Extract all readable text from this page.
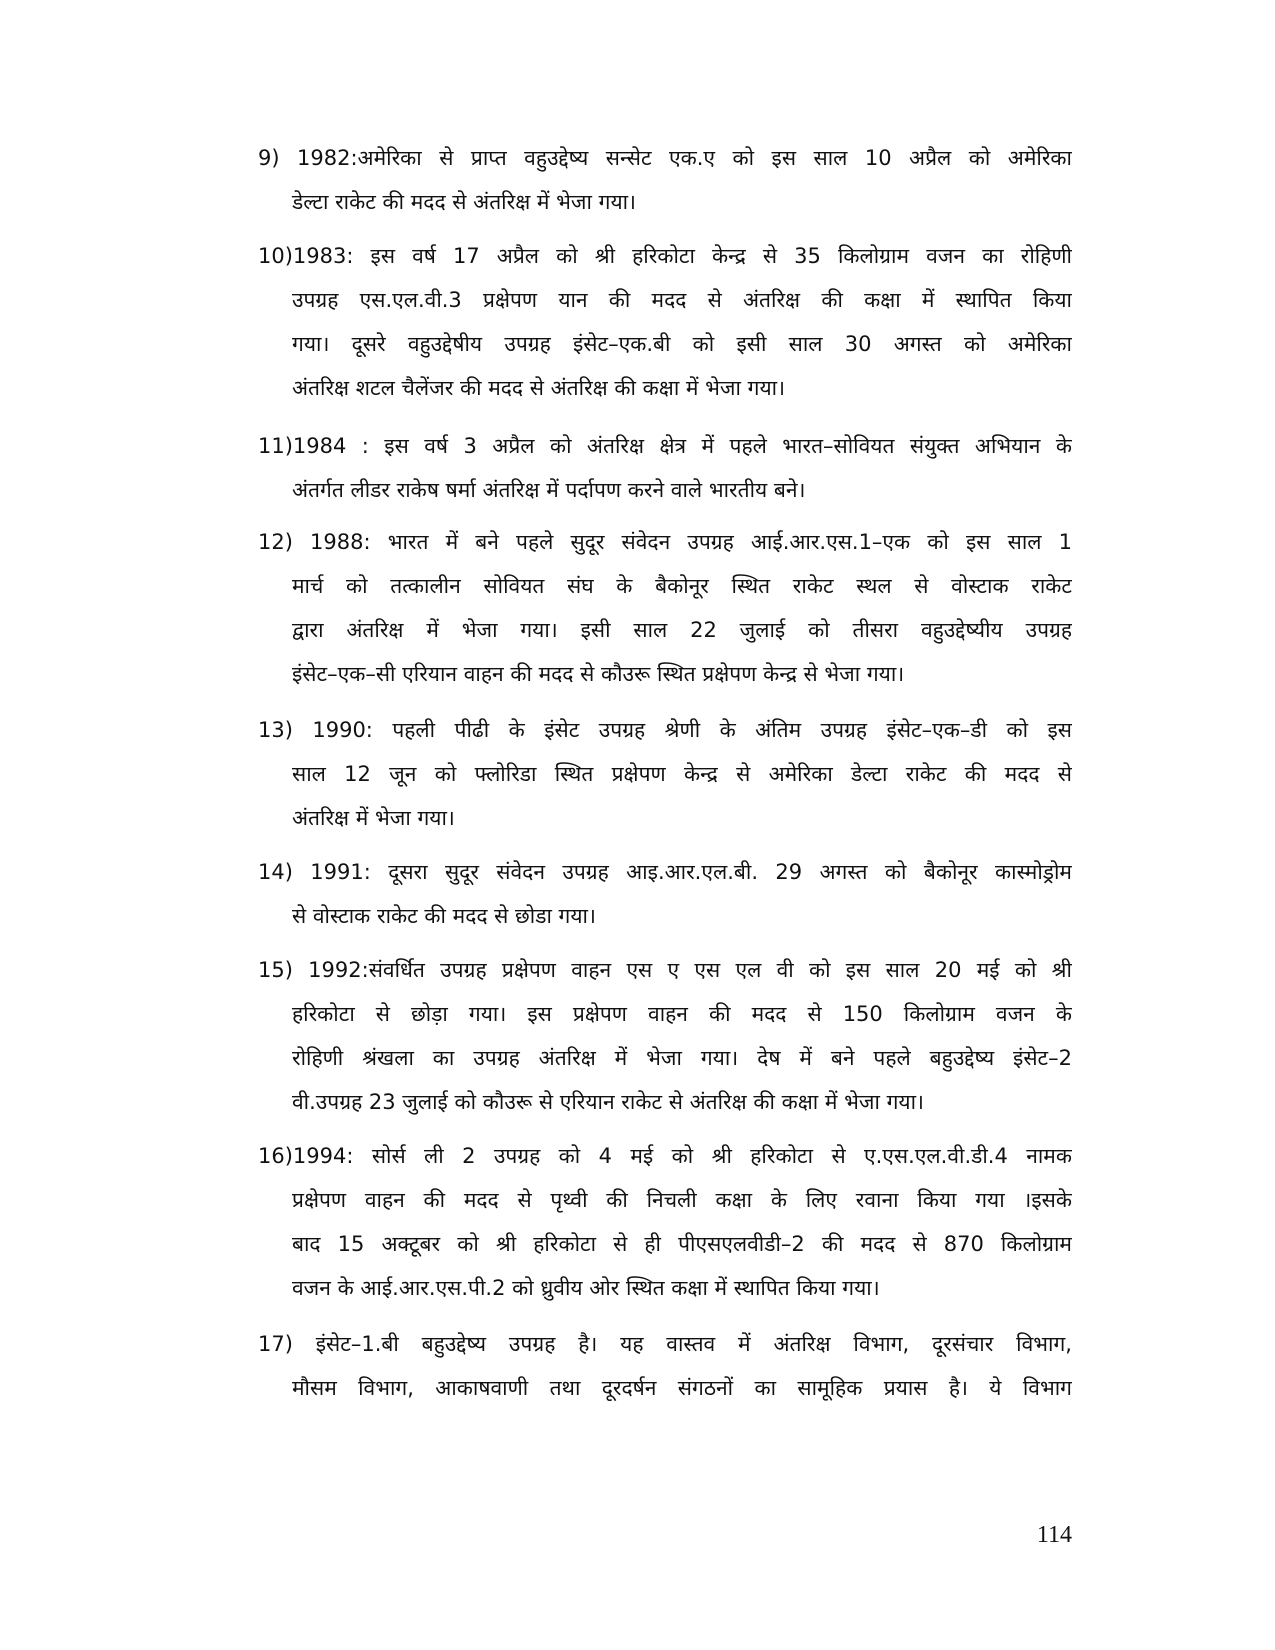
9) 1982:अमेरिका से प्राप्त वहुउद्देष्य सन्सेट एक.ए को इस साल 10 अप्रैल को अमेरिका
डेल्टा राकेट की मदद से अंतरिक्ष में भेजा गया।
10)1983: इस वर्ष 17 अप्रैल को श्री हरिकोटा केन्द्र से 35 किलोग्राम वजन का रोहिणी
उपग्रह एस.एल.वी.3 प्रक्षेपण यान की मदद से अंतरिक्ष की कक्षा में स्थापित किया
गया। दूसरे वहुउद्देषीय उपग्रह इंसेट–एक.बी को इसी साल 30 अगस्त को अमेरिका
अंतरिक्ष शटल चैलेंजर की मदद से अंतरिक्ष की कक्षा में भेजा गया।
11)1984 : इस वर्ष 3 अप्रैल को अंतरिक्ष क्षेत्र में पहले भारत–सोवियत संयुक्त अभियान के
अंतर्गत लीडर राकेष षर्मा अंतरिक्ष में पर्दापण करने वाले भारतीय बने।
12) 1988: भारत में बने पहले सुदूर संवेदन उपग्रह आई.आर.एस.1–एक को इस साल 1
मार्च को तत्कालीन सोवियत संघ के बैकोनूर स्थित राकेट स्थल से वोस्टाक राकेट
द्वारा अंतरिक्ष में भेजा गया। इसी साल 22 जुलाई को तीसरा वहुउद्देष्यीय उपग्रह
इंसेट–एक–सी एरियान वाहन की मदद से कौउरू स्थित प्रक्षेपण केन्द्र से भेजा गया।
13) 1990: पहली पीढी के इंसेट उपग्रह श्रेणी के अंतिम उपग्रह इंसेट–एक–डी को इस
साल 12 जून को फ्लोरिडा स्थित प्रक्षेपण केन्द्र से अमेरिका डेल्टा राकेट की मदद से
अंतरिक्ष में भेजा गया।
14) 1991: दूसरा सुदूर संवेदन उपग्रह आइ.आर.एल.बी. 29 अगस्त को बैकोनूर कास्मोड्रोम
से वोस्टाक राकेट की मदद से छोडा गया।
15) 1992:संवर्धित उपग्रह प्रक्षेपण वाहन एस ए एस एल वी को इस साल 20 मई को श्री
हरिकोटा से छोड़ा गया। इस प्रक्षेपण वाहन की मदद से 150 किलोग्राम वजन के
रोहिणी श्रंखला का उपग्रह अंतरिक्ष में भेजा गया। देष में बने पहले बहुउद्देष्य इंसेट–2
वी.उपग्रह 23 जुलाई को कौउरू से एरियान राकेट से अंतरिक्ष की कक्षा में भेजा गया।
16)1994: सोर्स ली 2 उपग्रह को 4 मई को श्री हरिकोटा से ए.एस.एल.वी.डी.4 नामक
प्रक्षेपण वाहन की मदद से पृथ्वी की निचली कक्षा के लिए रवाना किया गया ।इसके
बाद 15 अक्टूबर को श्री हरिकोटा से ही पीएसएलवीडी–2 की मदद से 870 किलोग्राम
वजन के आई.आर.एस.पी.2 को ध्रुवीय ओर स्थित कक्षा में स्थापित किया गया।
17) इंसेट–1.बी बहुउद्देष्य उपग्रह है। यह वास्तव में अंतरिक्ष विभाग, दूरसंचार विभाग,
मौसम विभाग, आकाषवाणी तथा दूरदर्षन संगठनों का सामूहिक प्रयास है। ये विभाग
114
